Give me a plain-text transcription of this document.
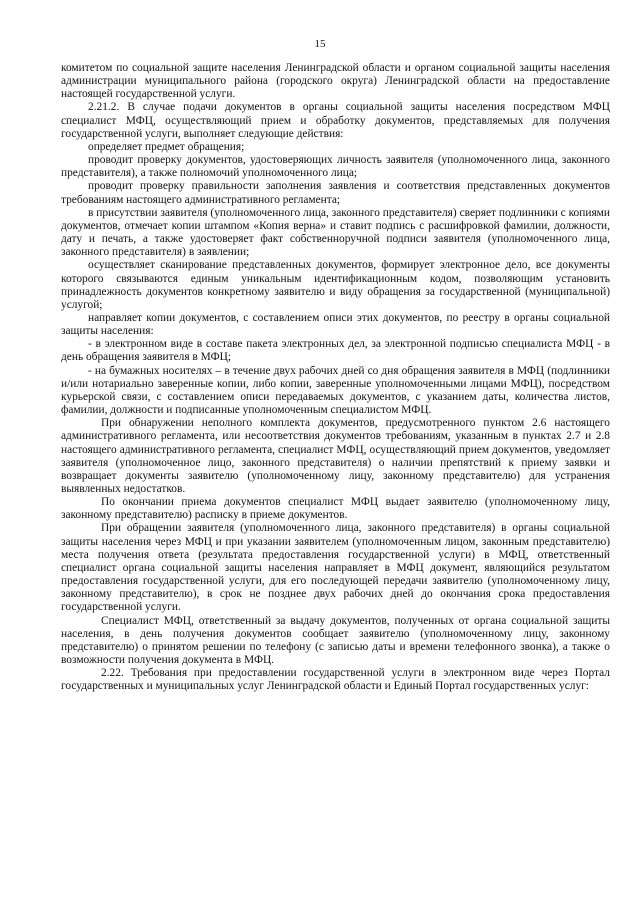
15

комитетом по социальной защите населения Ленинградской области и органом социальной защиты населения администрации муниципального района (городского округа) Ленинградской области на предоставление настоящей государственной услуги.

2.21.2. В случае подачи документов в органы социальной защиты населения посредством МФЦ специалист МФЦ, осуществляющий прием и обработку документов, представляемых для получения государственной услуги, выполняет следующие действия:

определяет предмет обращения;

проводит проверку документов, удостоверяющих личность заявителя (уполномоченного лица, законного представителя), а также полномочий уполномоченного лица;

проводит проверку правильности заполнения заявления и соответствия представленных документов требованиям настоящего административного регламента;

в присутствии заявителя (уполномоченного лица, законного представителя) сверяет подлинники с копиями документов, отмечает копии штампом «Копия верна» и ставит подпись с расшифровкой фамилии, должности, дату и печать, а также удостоверяет факт собственноручной подписи заявителя (уполномоченного лица, законного представителя) в заявлении;

осуществляет сканирование представленных документов, формирует электронное дело, все документы которого связываются единым уникальным идентификационным кодом, позволяющим установить принадлежность документов конкретному заявителю и виду обращения за государственной (муниципальной) услугой;

направляет копии документов, с составлением описи этих документов, по реестру в органы социальной защиты населения:

- в электронном виде в составе пакета электронных дел, за электронной подписью специалиста МФЦ - в день обращения заявителя в МФЦ;

- на бумажных носителях – в течение двух рабочих дней со дня обращения заявителя в МФЦ (подлинники и/или нотариально заверенные копии, либо копии, заверенные уполномоченными лицами МФЦ), посредством курьерской связи, с составлением описи передаваемых документов, с указанием даты, количества листов, фамилии, должности и подписанные уполномоченным специалистом МФЦ.

При обнаружении неполного комплекта документов, предусмотренного пунктом 2.6 настоящего административного регламента, или несоответствия документов требованиям, указанным в пунктах 2.7 и 2.8 настоящего административного регламента, специалист МФЦ, осуществляющий прием документов, уведомляет заявителя (уполномоченное лицо, законного представителя) о наличии препятствий к приему заявки и возвращает документы заявителю (уполномоченному лицу, законному представителю) для устранения выявленных недостатков.

По окончании приема документов специалист МФЦ выдает заявителю (уполномоченному лицу, законному представителю) расписку в приеме документов.

При обращении заявителя (уполномоченного лица, законного представителя) в органы социальной защиты населения через МФЦ и при указании заявителем (уполномоченным лицом, законным представителю) места получения ответа (результата предоставления государственной услуги) в МФЦ, ответственный специалист органа социальной защиты населения направляет в МФЦ документ, являющийся результатом предоставления государственной услуги, для его последующей передачи заявителю (уполномоченному лицу, законному представителю), в срок не позднее двух рабочих дней до окончания срока предоставления государственной услуги.

Специалист МФЦ, ответственный за выдачу документов, полученных от органа социальной защиты населения, в день получения документов сообщает заявителю (уполномоченному лицу, законному представителю) о принятом решении по телефону (с записью даты и времени телефонного звонка), а также о возможности получения документа в МФЦ.

2.22. Требования при предоставлении государственной услуги в электронном виде через Портал государственных и муниципальных услуг Ленинградской области и Единый Портал государственных услуг:
